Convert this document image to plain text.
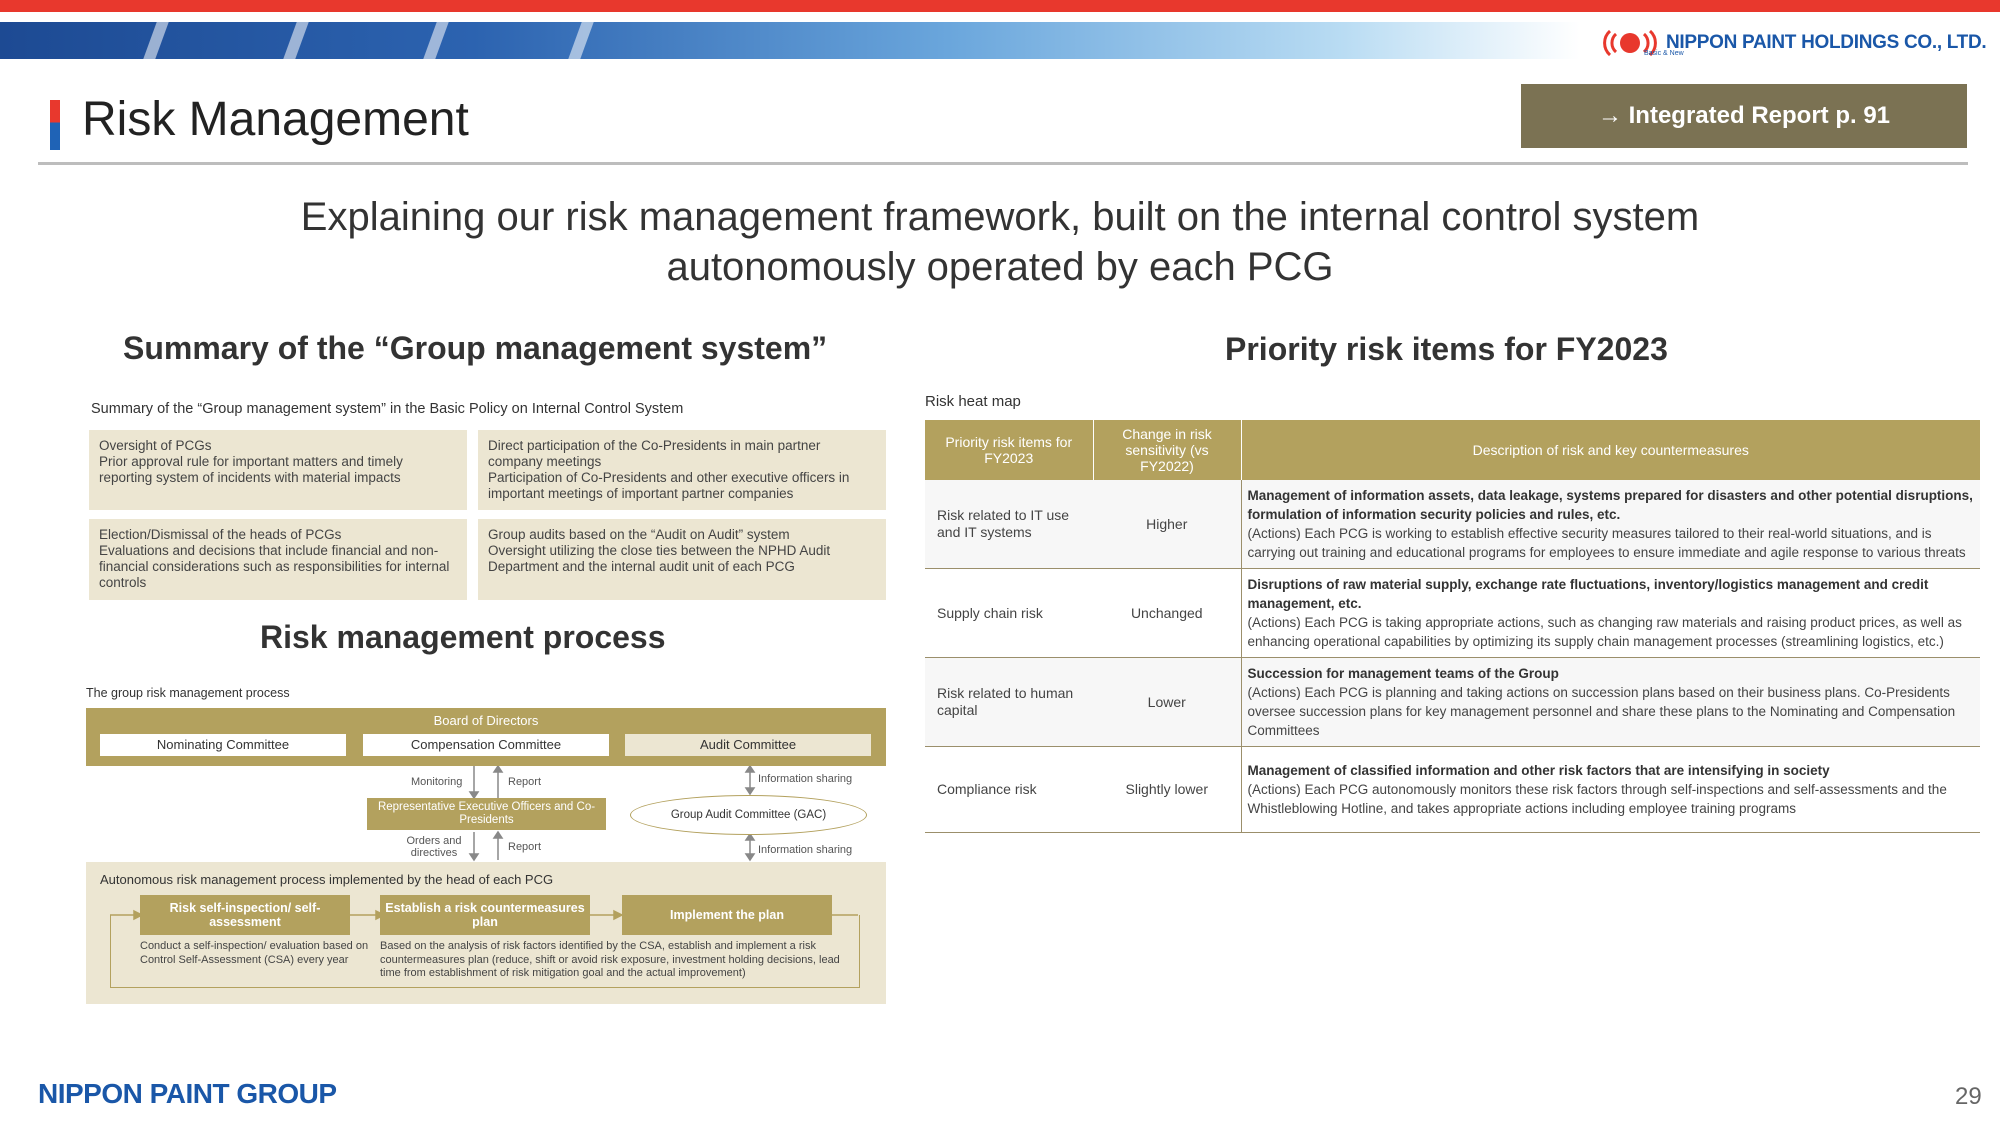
NIPPON PAINT HOLDINGS CO., LTD.
Basic & New
Risk Management	→ Integrated Report p. 91
Explaining our risk management framework, built on the internal control system
autonomously operated by each PCG
Summary of the “Group management system”
Summary of the “Group management system” in the Basic Policy on Internal Control System
Oversight of PCGs
Prior approval rule for important matters and timely reporting system of incidents with material impacts
Direct participation of the Co-Presidents in main partner company meetings
Participation of Co-Presidents and other executive officers in important meetings of important partner companies
Election/Dismissal of the heads of PCGs
Evaluations and decisions that include financial and non-financial considerations such as responsibilities for internal controls
Group audits based on the “Audit on Audit” system
Oversight utilizing the close ties between the NPHD Audit Department and the internal audit unit of each PCG
Risk management process
The group risk management process
Board of Directors
Nominating Committee	Compensation Committee	Audit Committee
Monitoring	Report	Information sharing
Representative Executive Officers and Co-Presidents	Group Audit Committee (GAC)
Orders and directives	Report	Information sharing
Autonomous risk management process implemented by the head of each PCG
Risk self-inspection/ self-assessment
Establish a risk countermeasures plan	Implement the plan
Conduct a self-inspection/ evaluation based on Control Self-Assessment (CSA) every year
Based on the analysis of risk factors identified by the CSA, establish and implement a risk countermeasures plan (reduce, shift or avoid risk exposure, investment holding decisions, lead time from establishment of risk mitigation goal and the actual improvement)
Priority risk items for FY2023
Risk heat map
Priority risk items for FY2023	Change in risk sensitivity (vs FY2022)	Description of risk and key countermeasures
Risk related to IT use and IT systems	Higher	Management of information assets, data leakage, systems prepared for disasters and other potential disruptions, formulation of information security policies and rules, etc.
(Actions) Each PCG is working to establish effective security measures tailored to their real-world situations, and is carrying out training and educational programs for employees to ensure immediate and agile response to various threats

Supply chain risk	Unchanged	Disruptions of raw material supply, exchange rate fluctuations, inventory/logistics management and credit management, etc.
(Actions) Each PCG is taking appropriate actions, such as changing raw materials and raising product prices, as well as enhancing operational capabilities by optimizing its supply chain management processes (streamlining logistics, etc.)

Risk related to human capital	Lower	Succession for management teams of the Group
(Actions) Each PCG is planning and taking actions on succession plans based on their business plans. Co-Presidents oversee succession plans for key management personnel and share these plans to the Nominating and Compensation Committees

Compliance risk	Slightly lower	Management of classified information and other risk factors that are intensifying in society
(Actions) Each PCG autonomously monitors these risk factors through self-inspections and self-assessments and the Whistleblowing Hotline, and takes appropriate actions including employee training programs
NIPPON PAINT GROUP	29
